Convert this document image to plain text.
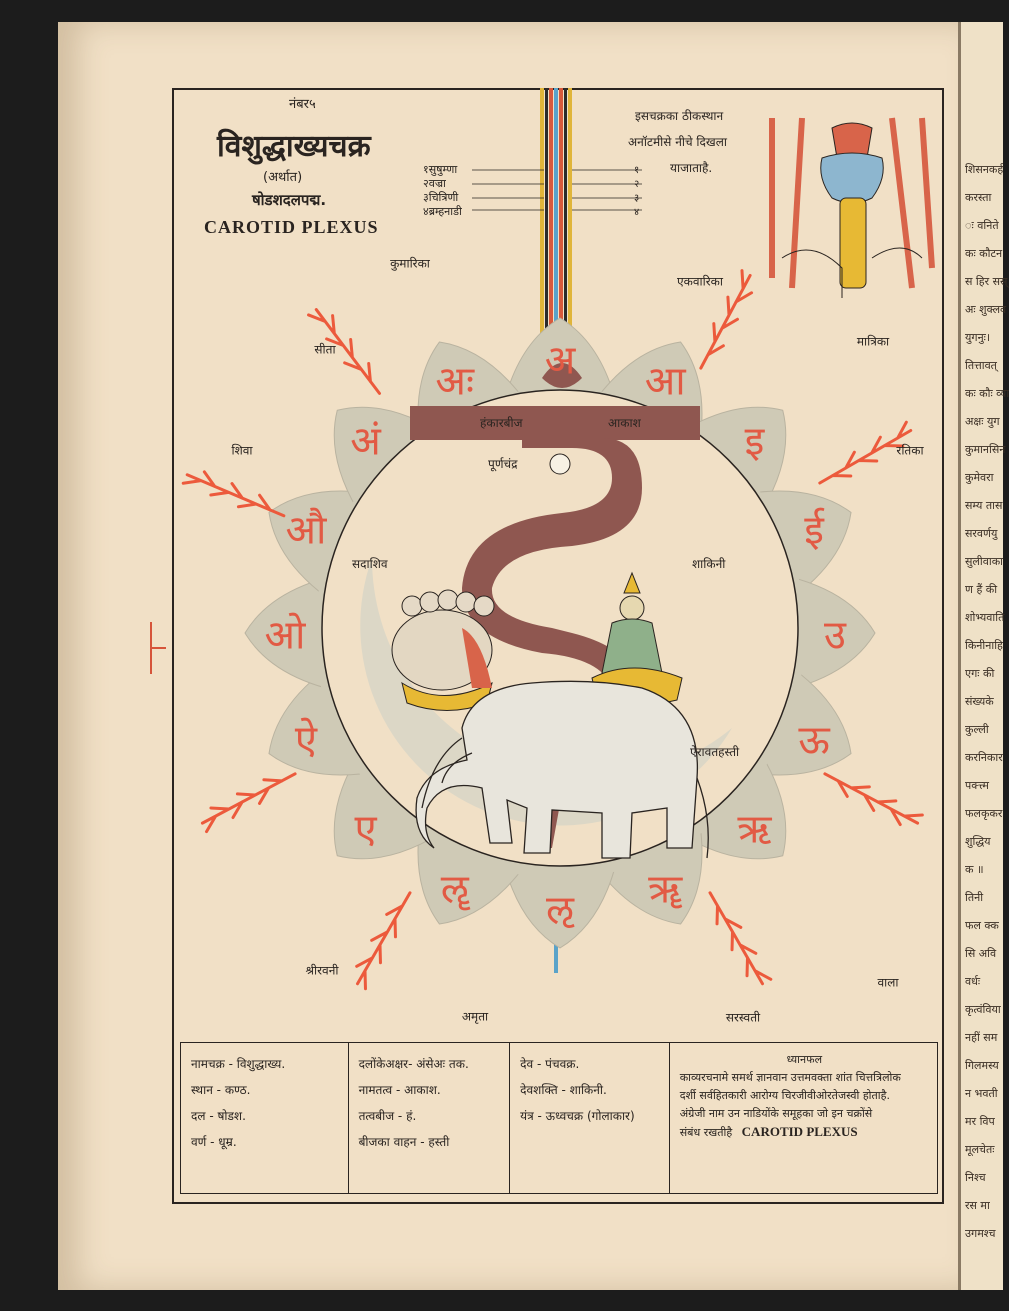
शिसनकर्ह
करस्ता
ः वनिते
कः कौटन
स हिर सस्
अः शुक्लव
युगनुः।
तित्तावत्
कः कौः व्या
अक्षः युग
कुमानसिन
कुमेवरा
सम्य तास
सरवर्णयु
सुलीवाका
ण हैं की
शोभ्यवाति
किनीनाहि
एगः की
संख्यके
कुल्ली
करनिकार
पक्त्त्म
फलकृकर
शुद्धिय
क ॥
तिनी
फल क्क
सि अवि
वर्धः
कृत्वंविया
नहीं सम
गिलमस्य
न भवती
मर विप
मूलचेतः
निश्च
रस मा
उगमश्च
नंबर५
विशुद्धाख्यचक्र
(अर्थात)
षोडशदलपद्म.
CAROTID PLEXUS
१सुषुम्णा
२वज्रा
३चित्रिणी
४ब्रम्हनाडी
१
२
३
४
इसचक्रका ठीकस्थान
अनॉटमीसे नीचे दिखला
याजाताहै.
अ आ
इ
ई
उ
ऊ
ऋ
ॠ
ऌ
ॡ
ए
ऐ
ओ
औ
अं
अः
कुमारिका
एकवारिका
मात्रिका
रतिका
वाला
सरस्वती
अमृता
श्रीरवनी
शिवा
सीता
हंकारबीज	आकाश
पूर्णचंद्र
सदाशिव	शाकिनी
ऐरावतहस्ती
नामचक्र - विशुद्धाख्य.
स्थान - कण्ठ.
दल - षोडश.
वर्ण - धूम्र.
दलोंकेअक्षर- अंसेअः तक.
नामतत्व - आकाश.
तत्वबीज - हं.
बीजका वाहन - हस्ती
देव - पंचवक्र.
देवशक्ति - शाकिनी.
यंत्र - ऊध्वचक्र (गोलाकार)
ध्यानफल
काव्यरचनामे समर्थ ज्ञानवान उत्तमवक्ता शांत चित्तत्रिलोक
दर्शी सर्वहितकारी आरोग्य चिरजीवीओरतेजस्वी होताहै.
अंग्रेजी नाम उन नाडियोंके समूहका जो इन चक्रोंसे
संबंध रखतीहै CAROTID PLEXUS
